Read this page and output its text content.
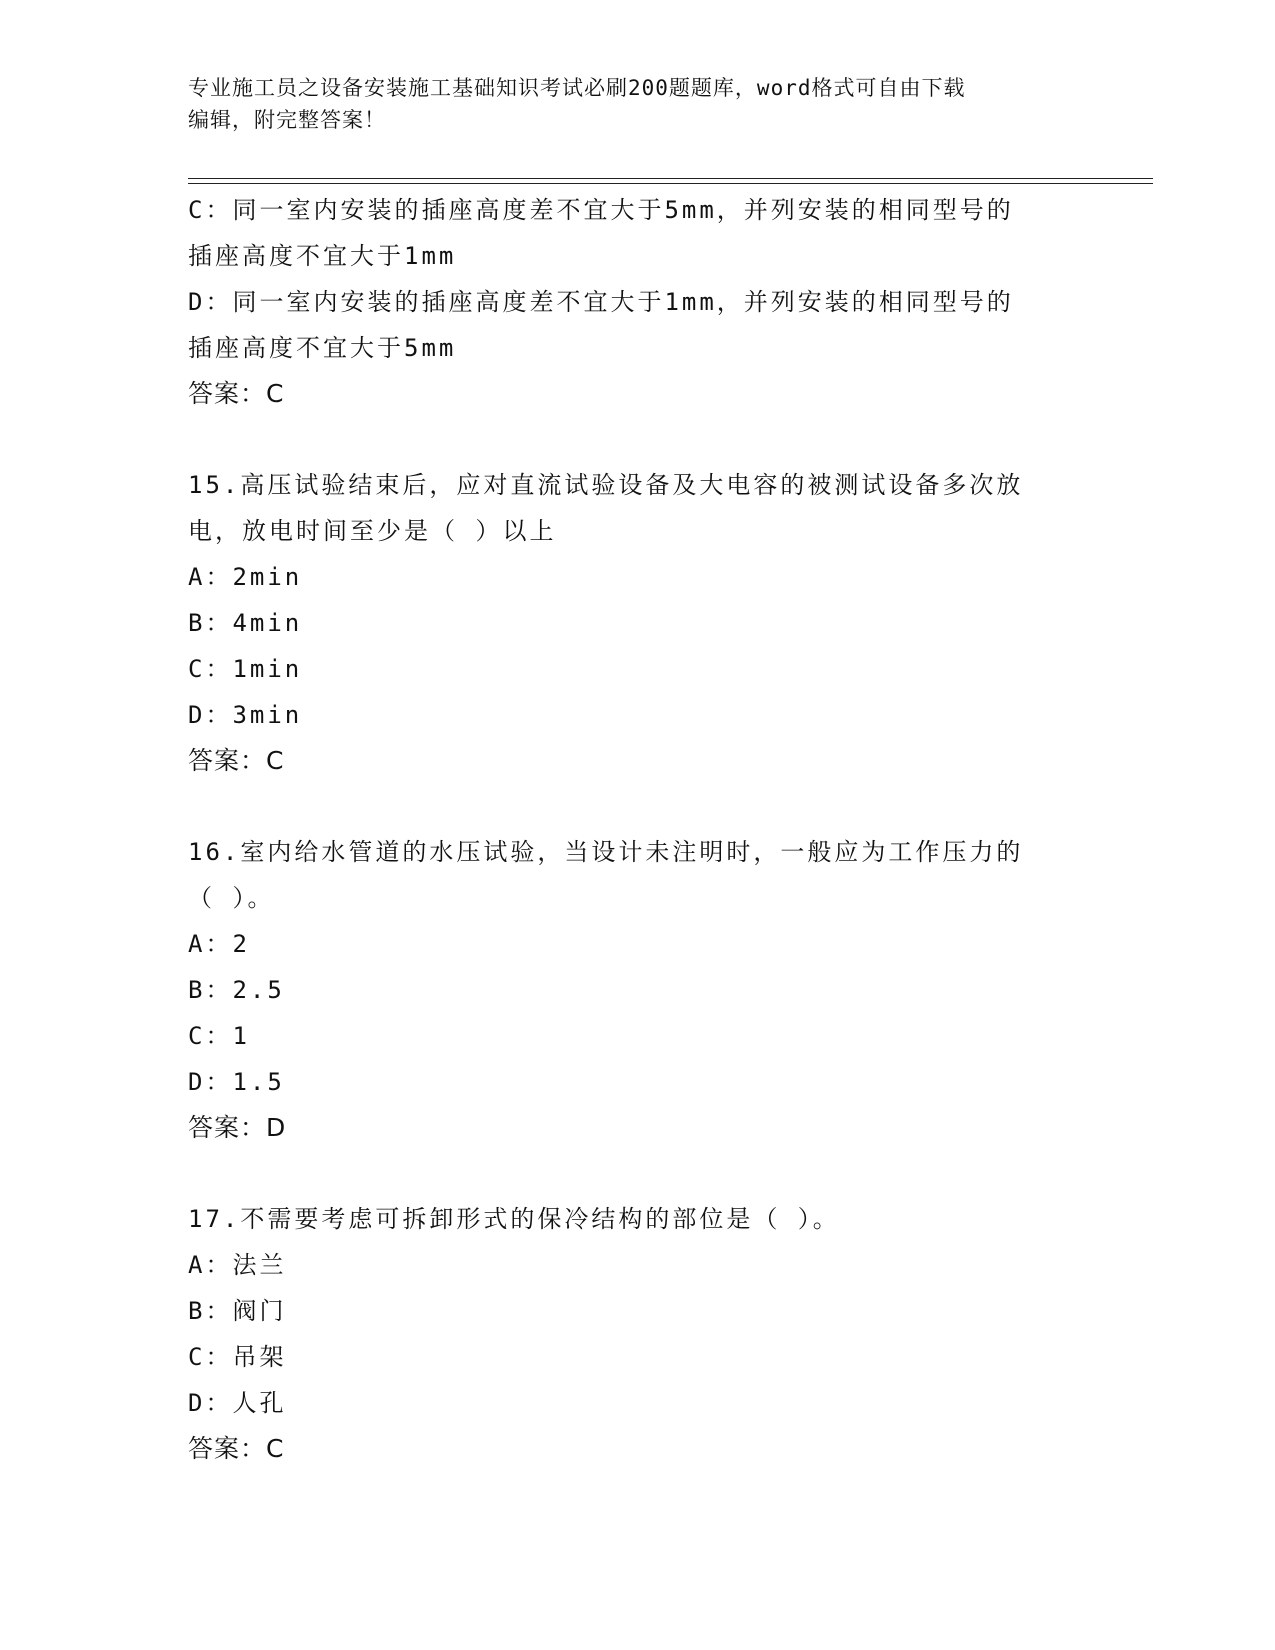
专业施工员之设备安装施工基础知识考试必刷200题题库，word格式可自由下载
编辑，附完整答案！
C：同一室内安装的插座高度差不宜大于5mm，并列安装的相同型号的
插座高度不宜大于1mm
D：同一室内安装的插座高度差不宜大于1mm，并列安装的相同型号的
插座高度不宜大于5mm
答案：C
15.高压试验结束后，应对直流试验设备及大电容的被测试设备多次放
电，放电时间至少是（ ）以上
A：2min
B：4min
C：1min
D：3min
答案：C
16.室内给水管道的水压试验，当设计未注明时，一般应为工作压力的
（ ）。
A：2
B：2.5
C：1
D：1.5
答案：D
17.不需要考虑可拆卸形式的保冷结构的部位是（ ）。
A：法兰
B：阀门
C：吊架
D：人孔
答案：C
